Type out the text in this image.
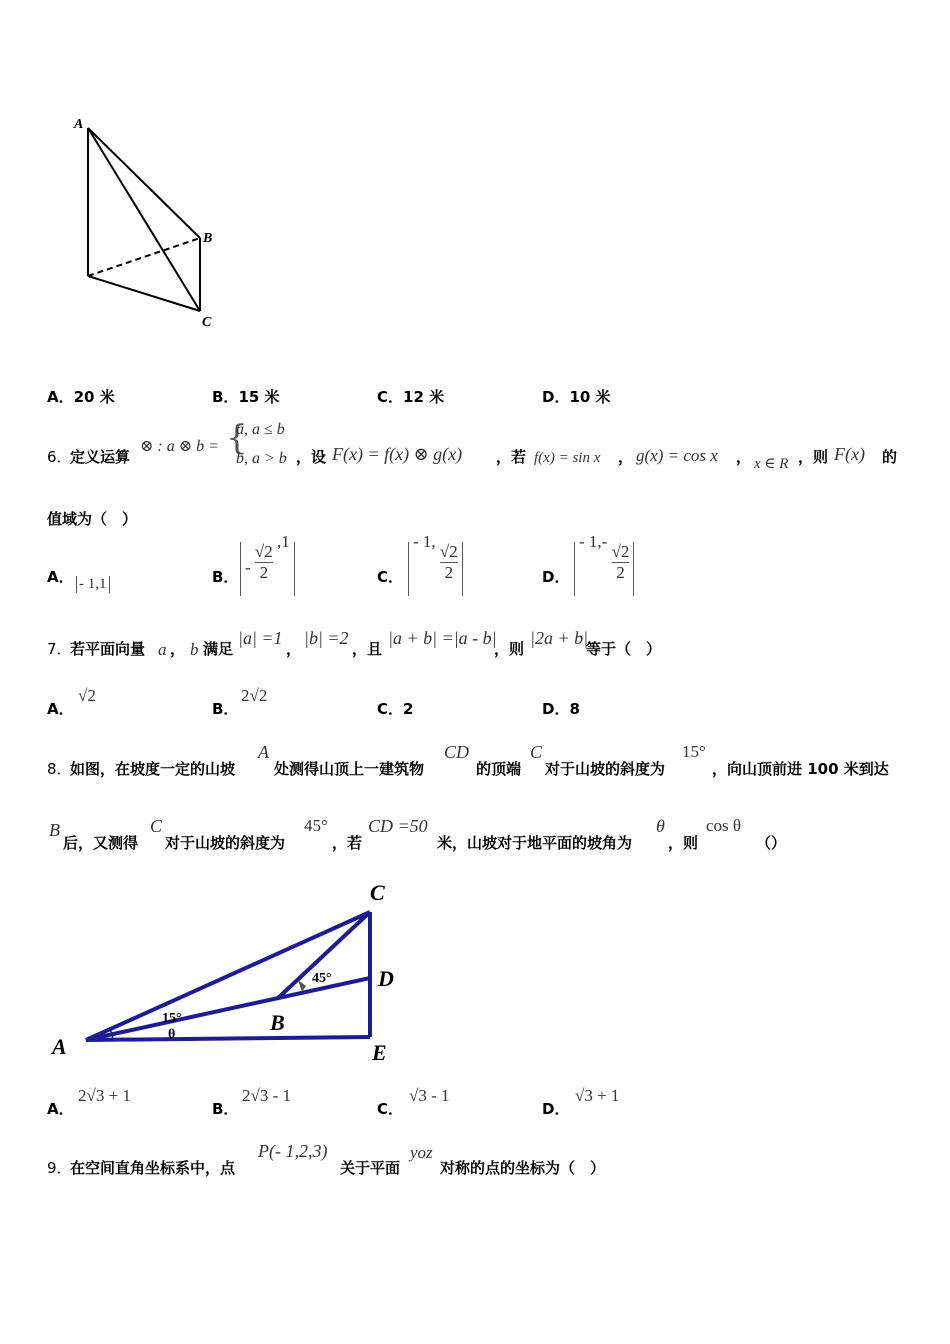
A
B
C
A．20 米	B．15 米	C．12 米	D．10 米
6．
定义运算
⊗ : a ⊗ b = {
a, a ≤ b
b, a > b ，设 F(x) = f(x) ⊗ g(x) ，若 f(x) = sin x ， g(x) = cos x ， x ∈ R ，则 F(x) 的
值域为（　）
A． - 1,1	B． - $\frac{√2}{2}$
,1
C．
- 1,
$\frac{√2}{2}$	D．
- 1,-
$\frac{√2}{2}$
7．
若平面向量 a ， b 满足
|a| =1
，
|b| =2
，且
|a + b| =|a - b|
，则
|2a + b|
等于（　）
A．
√2
B．
2√2
C．2	D．8
8．
如图，在坡度一定的山坡
A
处测得山顶上一建筑物
CD
的顶端
C
对于山坡的斜度为
15°
，向山顶前进 100 米到达
B
后，又测得
C
对于山坡的斜度为
45°
，若
CD =50
米，山坡对于地平面的坡角为
θ
，则
cos θ
（）
A
B
C
D
E
15°
45°
θ
A．
2√3 + 1
B．
2√3 - 1
C．
√3 - 1
D．
√3 + 1
9．
在空间直角坐标系中，点
P(- 1,2,3)
关于平面
yoz
对称的点的坐标为（　）
